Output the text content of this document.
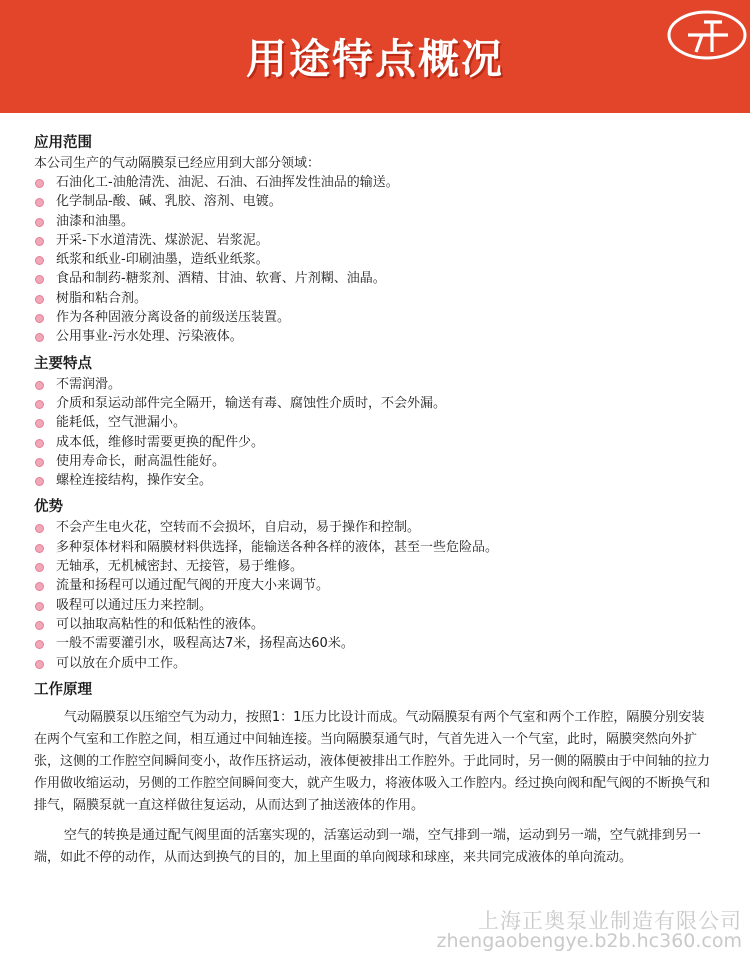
用途特点概况
应用范围
本公司生产的气动隔膜泵已经应用到大部分领域：
石油化工-油舱清洗、油泥、石油、石油挥发性油品的输送。
化学制品-酸、碱、乳胶、溶剂、电镀。
油漆和油墨。
开采-下水道清洗、煤淤泥、岩浆泥。
纸浆和纸业-印刷油墨，造纸业纸浆。
食品和制药-糖浆剂、酒精、甘油、软膏、片剂糊、油晶。
树脂和粘合剂。
作为各种固液分离设备的前级送压装置。
公用事业-污水处理、污染液体。
主要特点
不需润滑。
介质和泵运动部件完全隔开，输送有毒、腐蚀性介质时，不会外漏。
能耗低，空气泄漏小。
成本低，维修时需要更换的配件少。
使用寿命长，耐高温性能好。
螺栓连接结构，操作安全。
优势
不会产生电火花，空转而不会损坏，自启动，易于操作和控制。
多种泵体材料和隔膜材料供选择，能输送各种各样的液体，甚至一些危险品。
无轴承，无机械密封、无接管，易于维修。
流量和扬程可以通过配气阀的开度大小来调节。
吸程可以通过压力来控制。
可以抽取高粘性的和低粘性的液体。
一般不需要灌引水，吸程高达7米，扬程高达60米。
可以放在介质中工作。
工作原理

气动隔膜泵以压缩空气为动力，按照1：1压力比设计而成。气动隔膜泵有两个气室和两个工作腔，隔膜分别安装在两个气室和工作腔之间，相互通过中间轴连接。当向隔膜泵通气时，气首先进入一个气室，此时，隔膜突然向外扩张，这侧的工作腔空间瞬间变小，故作压挤运动，液体便被排出工作腔外。于此同时，另一侧的隔膜由于中间轴的拉力作用做收缩运动，另侧的工作腔空间瞬间变大，就产生吸力，将液体吸入工作腔内。经过换向阀和配气阀的不断换气和排气，隔膜泵就一直这样做往复运动，从而达到了抽送液体的作用。

空气的转换是通过配气阀里面的活塞实现的，活塞运动到一端，空气排到一端，运动到另一端，空气就排到另一端，如此不停的动作，从而达到换气的目的，加上里面的单向阀球和球座，来共同完成液体的单向流动。

上海正奥泵业制造有限公司
zhengaobengye.b2b.hc360.com
